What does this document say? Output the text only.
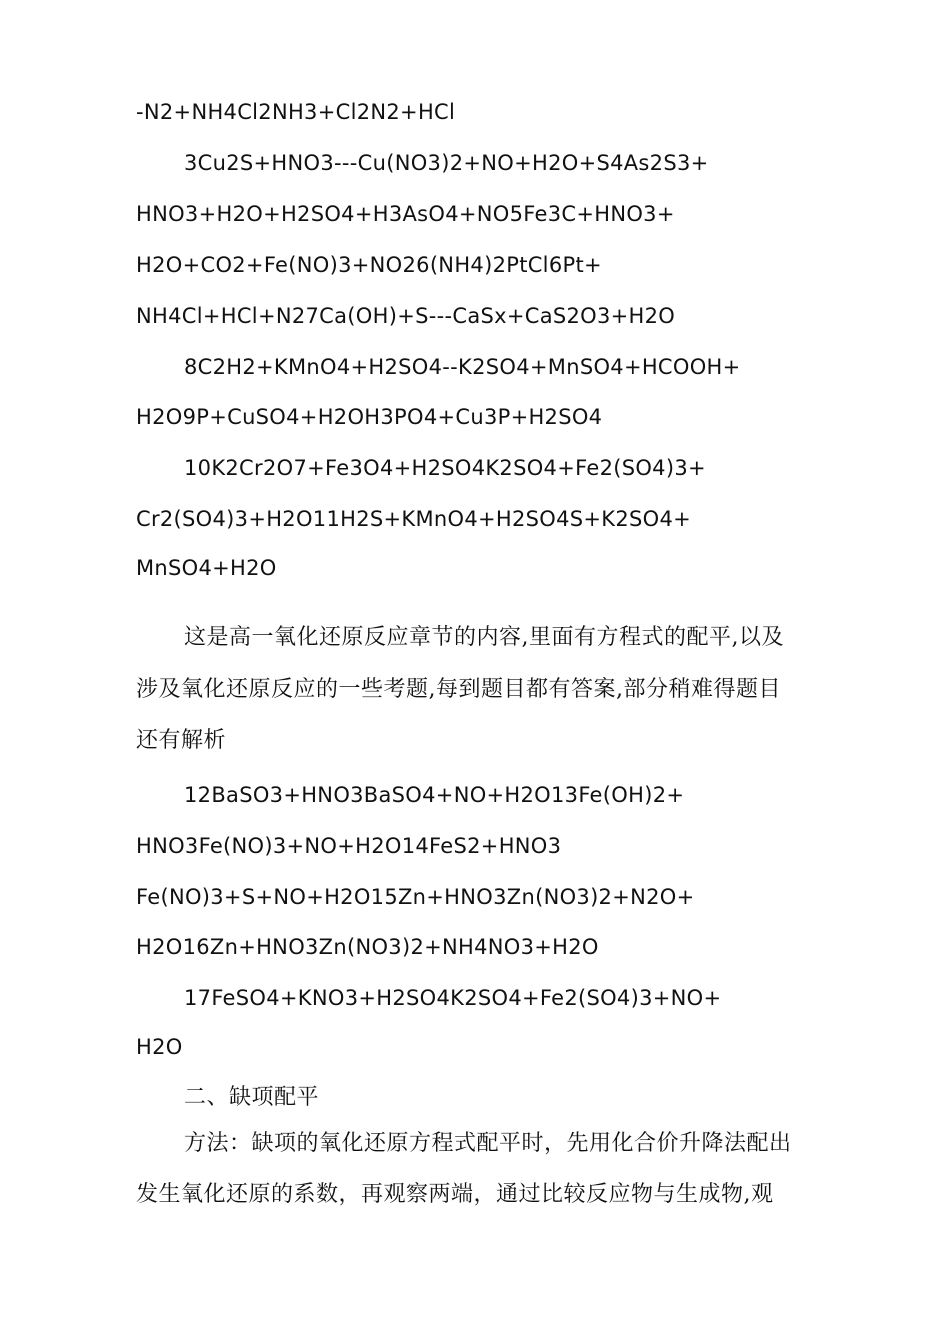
-N2+NH4Cl2NH3+Cl2N2+HCl
3Cu2S+HNO3---Cu(NO3)2+NO+H2O+S4As2S3+
HNO3+H2O+H2SO4+H3AsO4+NO5Fe3C+HNO3+
H2O+CO2+Fe(NO)3+NO26(NH4)2PtCl6Pt+
NH4Cl+HCl+N27Ca(OH)+S---CaSx+CaS2O3+H2O
8C2H2+KMnO4+H2SO4--K2SO4+MnSO4+HCOOH+
H2O9P+CuSO4+H2OH3PO4+Cu3P+H2SO4
10K2Cr2O7+Fe3O4+H2SO4K2SO4+Fe2(SO4)3+
Cr2(SO4)3+H2O11H2S+KMnO4+H2SO4S+K2SO4+
MnSO4+H2O
这是高一氧化还原反应章节的内容,里面有方程式的配平,以及
涉及氧化还原反应的一些考题,每到题目都有答案,部分稍难得题目
还有解析
12BaSO3+HNO3BaSO4+NO+H2O13Fe(OH)2+
HNO3Fe(NO)3+NO+H2O14FeS2+HNO3
Fe(NO)3+S+NO+H2O15Zn+HNO3Zn(NO3)2+N2O+
H2O16Zn+HNO3Zn(NO3)2+NH4NO3+H2O
17FeSO4+KNO3+H2SO4K2SO4+Fe2(SO4)3+NO+
H2O
二、缺项配平
方法：缺项的氧化还原方程式配平时，先用化合价升降法配出
发生氧化还原的系数，再观察两端，通过比较反应物与生成物,观
